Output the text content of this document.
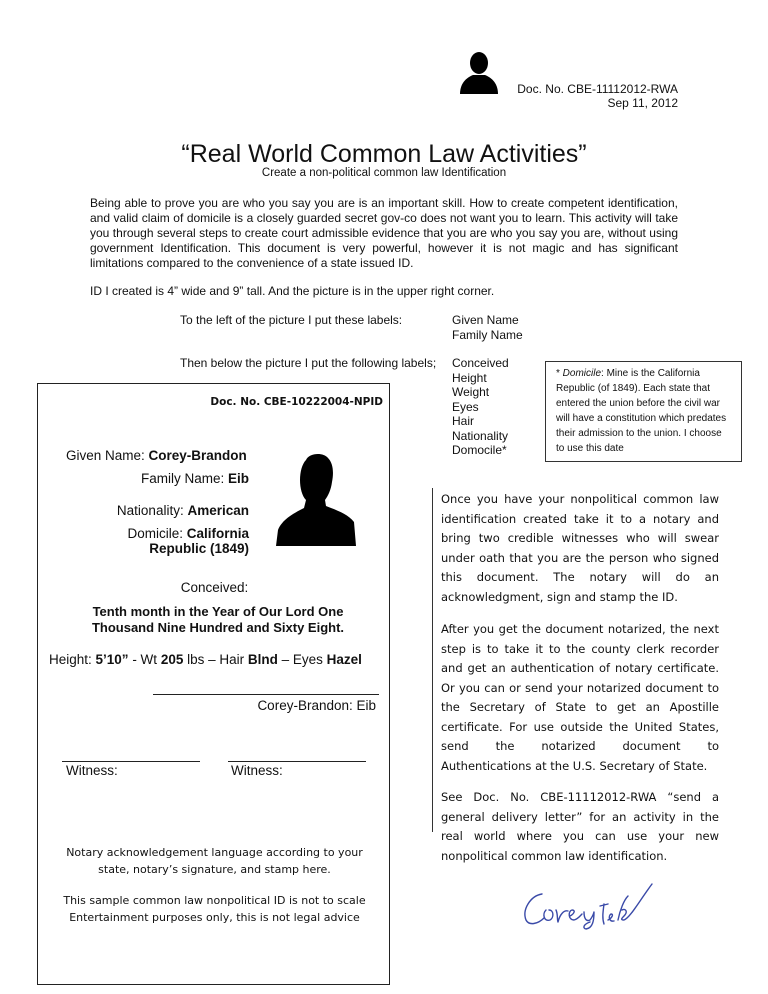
Doc. No. CBE-11112012-RWA
Sep 11, 2012
“Real World Common Law Activities”
Create a non-political common law Identification
Being able to prove you are who you say you are is an important skill. How to create competent identification, and valid claim of domicile is a closely guarded secret gov-co does not want you to learn. This activity will take you through several steps to create court admissible evidence that you are who you say you are, without using government Identification. This document is very powerful, however it is not magic and has significant limitations compared to the convenience of a state issued ID.
ID I created is 4” wide and 9” tall. And the picture is in the upper right corner.
To the left of the picture I put these labels:	Given Name
Family Name
Then below the picture I put the following labels; Conceived
Height
Weight
Eyes
Hair
Nationality
Domocile*
* Domicile: Mine is the California Republic (of 1849). Each state that entered the union before the civil war will have a constitution which predates their admission to the union. I choose to use this date
Doc. No. CBE-10222004-NPID
Given Name: Corey-Brandon
Family Name: Eib
Nationality: American
Domicile: California
Republic (1849)
Conceived:
Tenth month in the Year of Our Lord One
Thousand Nine Hundred and Sixty Eight.
Height: 5’10” - Wt 205 lbs – Hair Blnd – Eyes Hazel
Corey-Brandon: Eib
Witness:	Witness:
Notary acknowledgement language according to your
state, notary’s signature, and stamp here.
This sample common law nonpolitical ID is not to scale
Entertainment purposes only, this is not legal advice
Once you have your nonpolitical common law identification created take it to a notary and bring two credible witnesses who will swear under oath that you are the person who signed this document. The notary will do an acknowledgment, sign and stamp the ID.
After you get the document notarized, the next step is to take it to the county clerk recorder and get an authentication of notary certificate. Or you can or send your notarized document to the Secretary of State to get an Apostille certificate. For use outside the United States, send the notarized document to Authentications at the U.S. Secretary of State.
See Doc. No. CBE-11112012-RWA “send a general delivery letter” for an activity in the real world where you can use your new nonpolitical common law identification.
